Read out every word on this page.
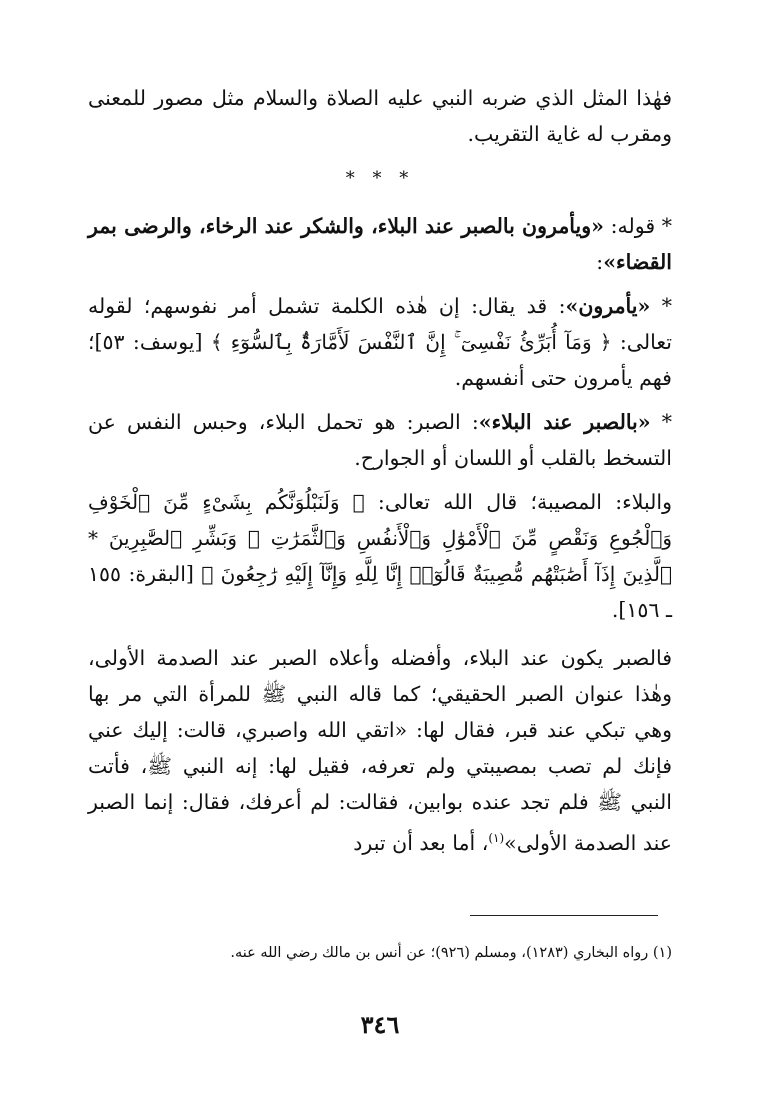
فهٰذا المثل الذي ضربه النبي عليه الصلاة والسلام مثل مصور للمعنى ومقرب له غاية التقريب.

* * *

* قوله: «ويأمرون بالصبر عند البلاء، والشكر عند الرخاء، والرضى بمر القضاء»:

* «يأمرون»: قد يقال: إن هٰذه الكلمة تشمل أمر نفوسهم؛ لقوله تعالى: ﴿ وَمَآ أُبَرِّئُ نَفْسِىٓ ۚ إِنَّ ٱلنَّفْسَ لَأَمَّارَةٌۢ بِٱلسُّوٓءِ ﴾ [يوسف: ٥٣]؛ فهم يأمرون حتى أنفسهم.

* «بالصبر عند البلاء»: الصبر: هو تحمل البلاء، وحبس النفس عن التسخط بالقلب أو اللسان أو الجوارح.

والبلاء: المصيبة؛ قال الله تعالى: ﴿ وَلَنَبْلُوَنَّكُم بِشَىْءٍ مِّنَ ٱلْخَوْفِ وَٱلْجُوعِ وَنَقْصٍ مِّنَ ٱلْأَمْوَٰلِ وَٱلْأَنفُسِ وَٱلثَّمَرَٰتِ ۗ وَبَشِّرِ ٱلصَّٰبِرِينَ * ٱلَّذِينَ إِذَآ أَصَٰبَتْهُم مُّصِيبَةٌ قَالُوٓا۟ إِنَّا لِلَّهِ وَإِنَّآ إِلَيْهِ رَٰجِعُونَ ﴾ [البقرة: ١٥٥ ـ ١٥٦].

فالصبر يكون عند البلاء، وأفضله وأعلاه الصبر عند الصدمة الأولى، وهٰذا عنوان الصبر الحقيقي؛ كما قاله النبي ﷺ للمرأة التي مر بها وهي تبكي عند قبر، فقال لها: «اتقي الله واصبري، قالت: إليك عني فإنك لم تصب بمصيبتي ولم تعرفه، فقيل لها: إنه النبي ﷺ، فأتت النبي ﷺ فلم تجد عنده بوابين، فقالت: لم أعرفك، فقال: إنما الصبر عند الصدمة الأولى»$^{(١)}$، أما بعد أن تبرد

(١) رواه البخاري (١٢٨٣)، ومسلم (٩٢٦)؛ عن أنس بن مالك رضي الله عنه.
٣٤٦
